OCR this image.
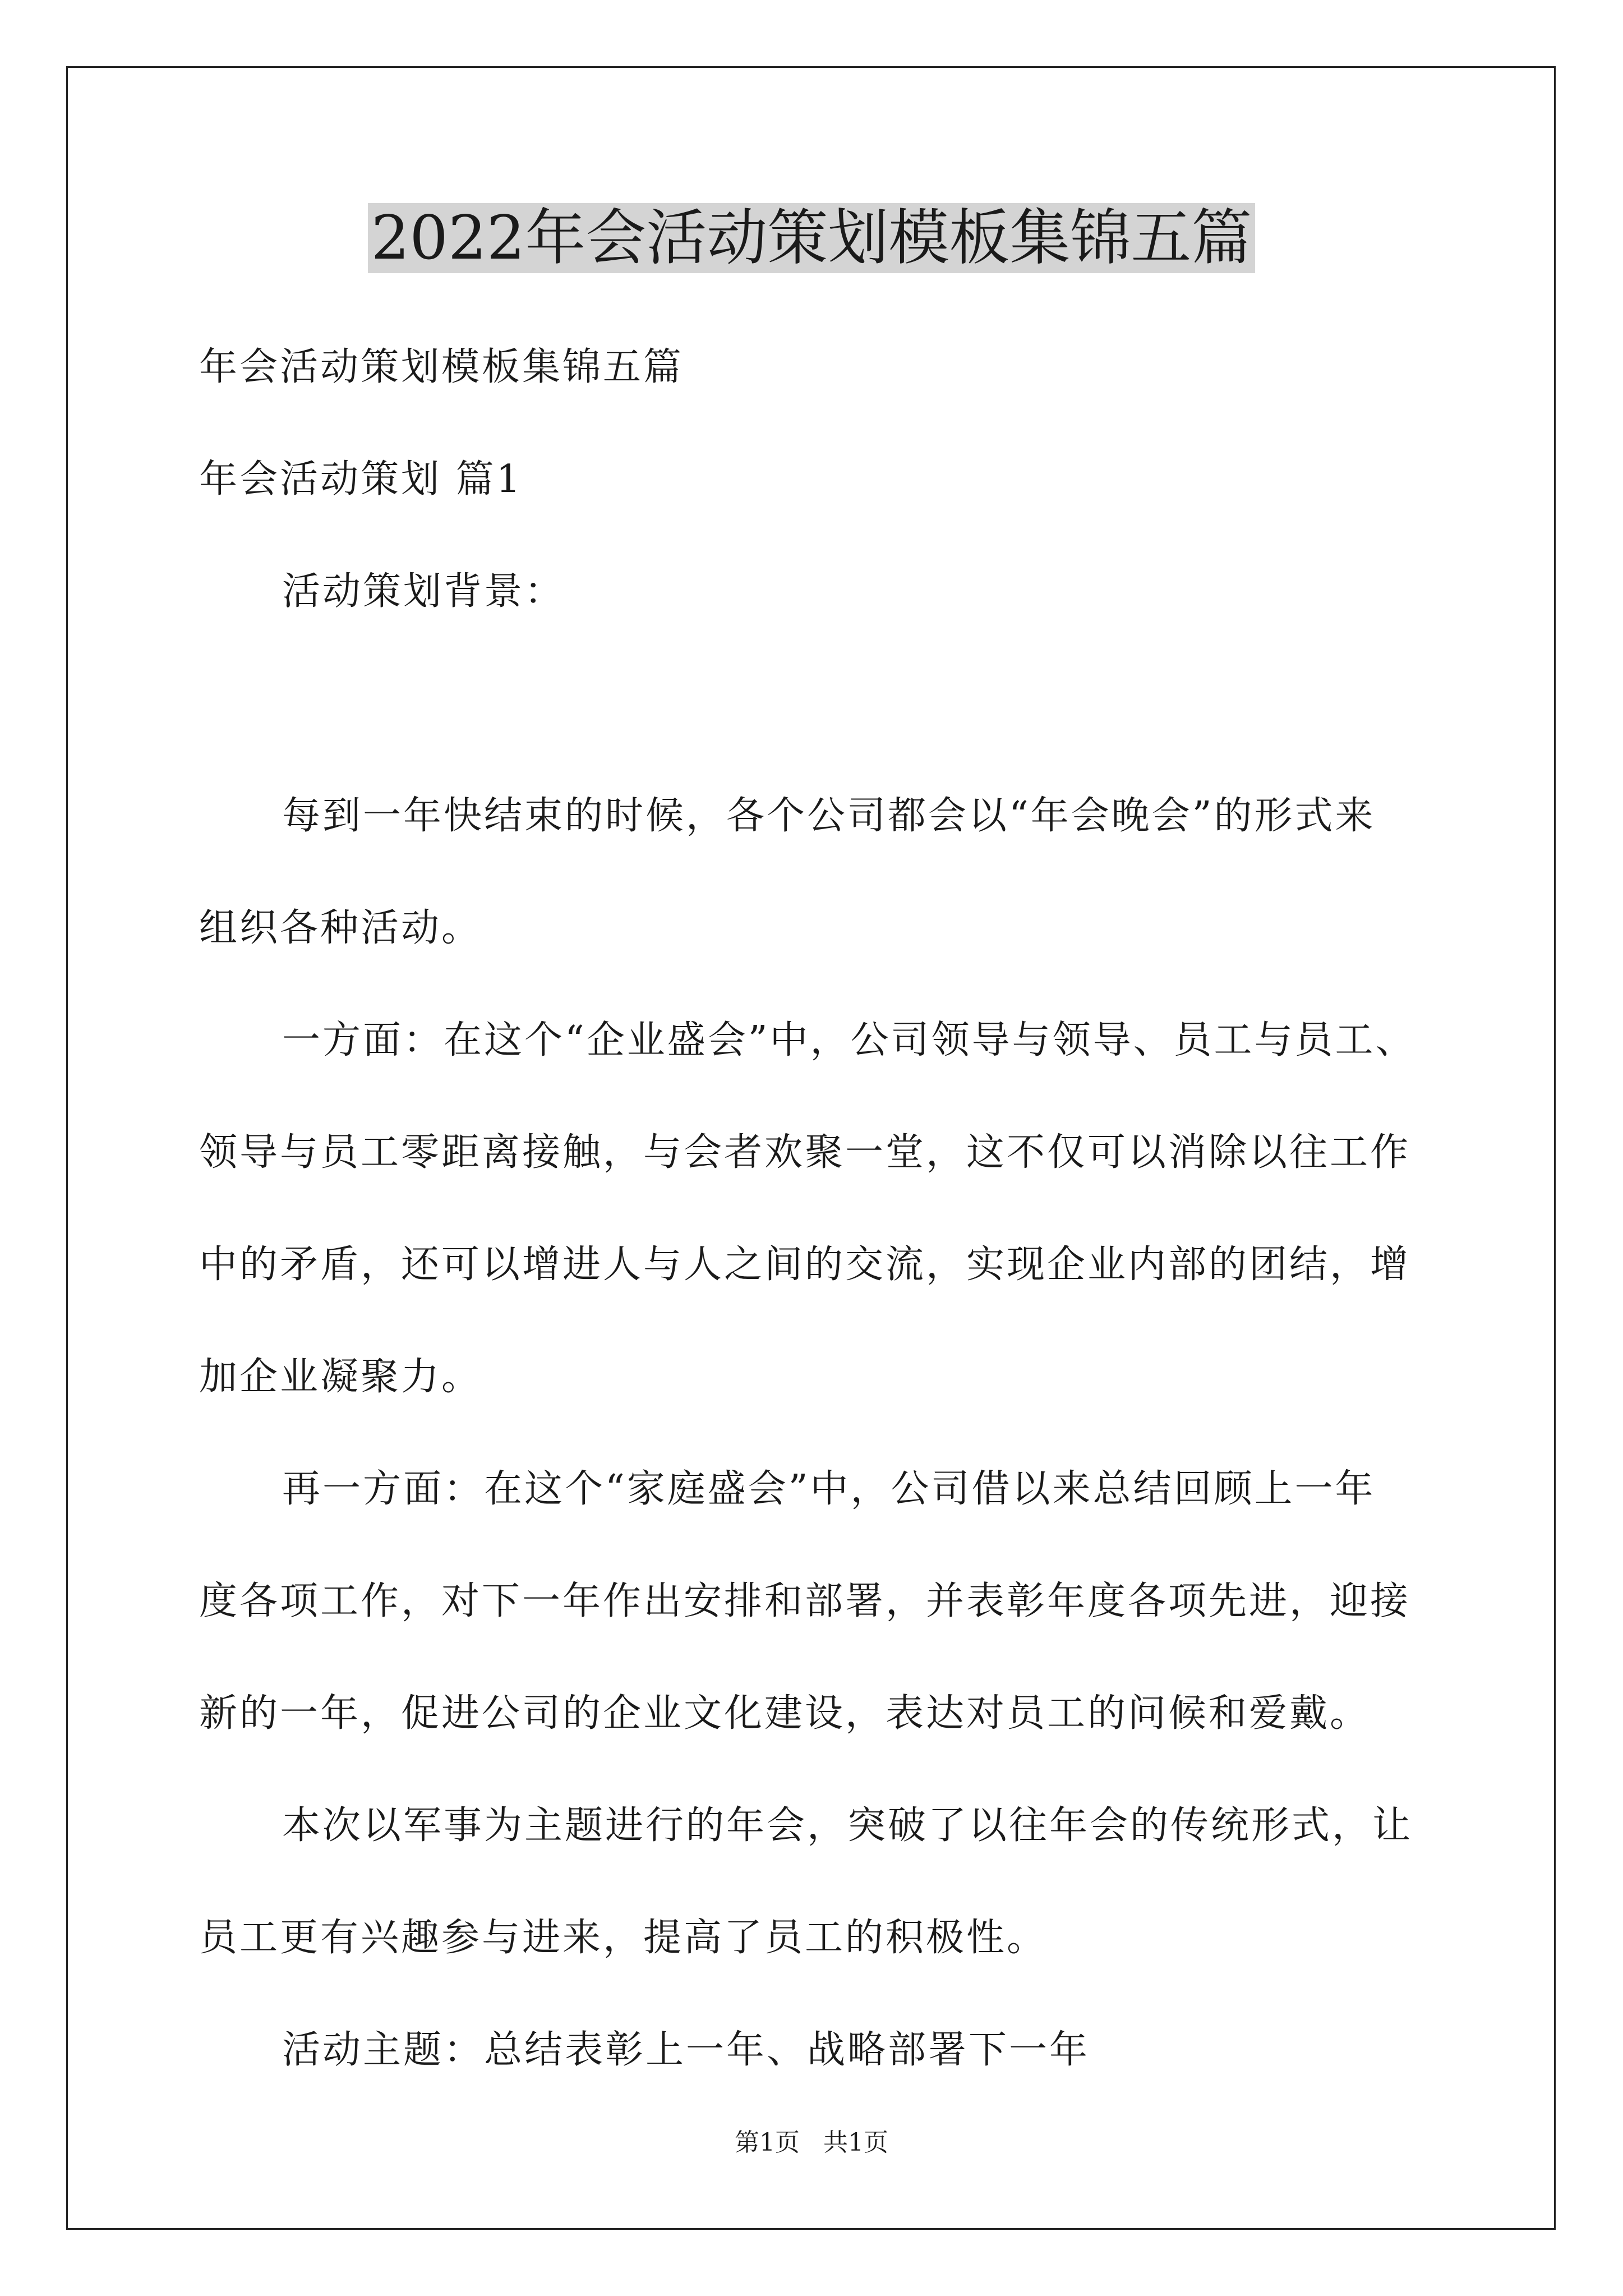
2022年会活动策划模板集锦五篇
年会活动策划模板集锦五篇
年会活动策划 篇1
活动策划背景：
每到一年快结束的时候，各个公司都会以“年会晚会”的形式来
组织各种活动。
一方面：在这个“企业盛会”中，公司领导与领导、员工与员工、
领导与员工零距离接触，与会者欢聚一堂，这不仅可以消除以往工作
中的矛盾，还可以增进人与人之间的交流，实现企业内部的团结，增
加企业凝聚力。
再一方面：在这个“家庭盛会”中，公司借以来总结回顾上一年
度各项工作，对下一年作出安排和部署，并表彰年度各项先进，迎接
新的一年，促进公司的企业文化建设，表达对员工的问候和爱戴。
本次以军事为主题进行的年会，突破了以往年会的传统形式，让
员工更有兴趣参与进来，提高了员工的积极性。
活动主题：总结表彰上一年、战略部署下一年
第1页   共1页
